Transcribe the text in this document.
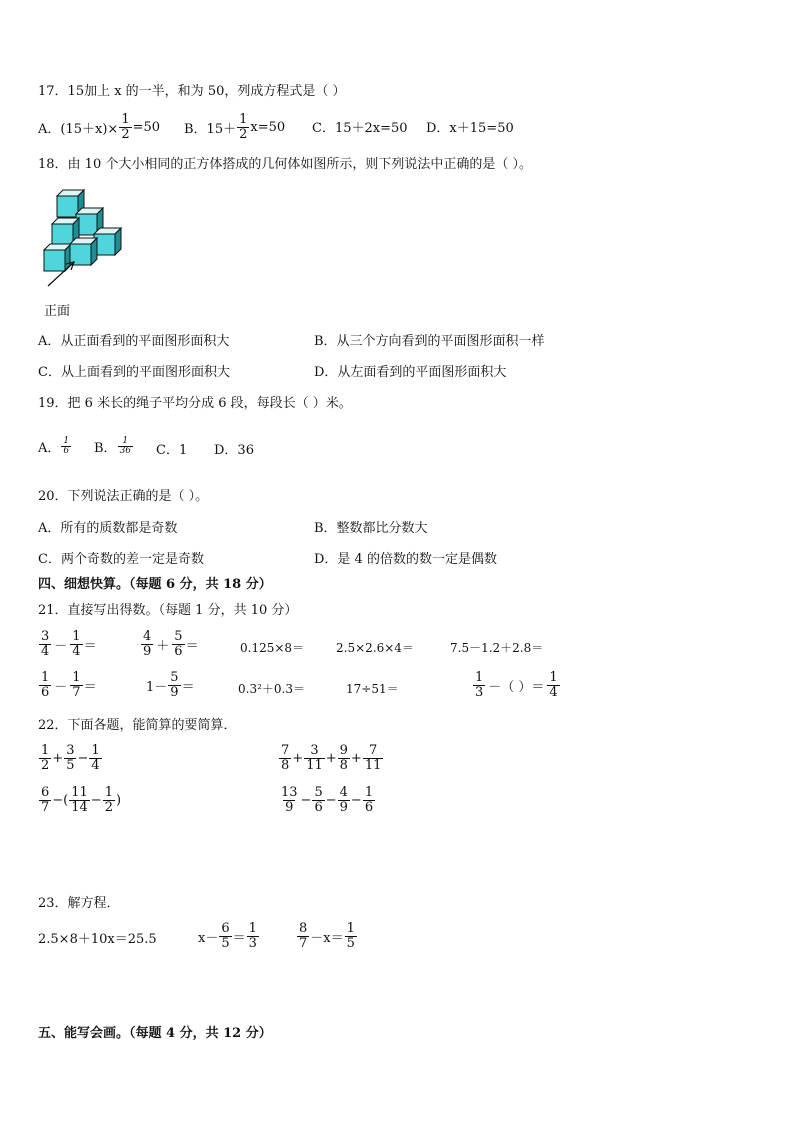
17．15加上 x 的一半，和为 50，列成方程式是（ ）
A．$(15+x)\times \frac{1}{2} =50$ B．$15+ \frac{1}{2} x=50$ C．15＋2x=50 D．x＋15=50
18．由 10 个大小相同的正方体搭成的几何体如图所示，则下列说法中正确的是（ ）。
正面
A．从正面看到的平面图形面积大	B．从三个方向看到的平面图形面积一样
C．从上面看到的平面图形面积大	D．从左面看到的平面图形面积大
19．把 6 米长的绳子平均分成 6 段，每段长（ ）米。
A． $\frac{1}{6}$ B． $\frac{1}{36}$ C．1 D．36
20．下列说法正确的是（ ）。
A．所有的质数都是奇数	B．整数都比分数大
C．两个奇数的差一定是奇数	D．是 4 的倍数的数一定是偶数
四、细想快算。（每题 6 分，共 18 分）
21．直接写出得数。（每题 1 分，共 10 分）
$\frac{3}{4} - \frac{1}{4}$ ＝	$\frac{4}{9} + \frac{5}{6}$ ＝	0.125×8＝	2.5×2.6×4＝	7.5－1.2＋2.8＝
$\frac{1}{6} - \frac{1}{7}$ ＝	$1- \frac{5}{9}$ ＝	0.3²＋0.3＝	17÷51＝	$\frac{1}{3}$ －（ ）＝ $\frac{1}{4}$
22．下面各题，能简算的要简算．
$\frac{1}{2} + \frac{3}{5} - \frac{1}{4}$	$\frac{7}{8} + \frac{3}{11} + \frac{9}{8} + \frac{7}{11}$
$\frac{6}{7}$ −( $\frac{11}{14} - \frac{1}{2}$ )	$\frac{13}{9} - \frac{5}{6} - \frac{4}{9} - \frac{1}{6}$
23．解方程．
2.5×8＋10x＝25.5	$x- \frac{6}{5} = \frac{1}{3}$	$\frac{8}{7} -x= \frac{1}{5}$
五、能写会画。（每题 4 分，共 12 分）
